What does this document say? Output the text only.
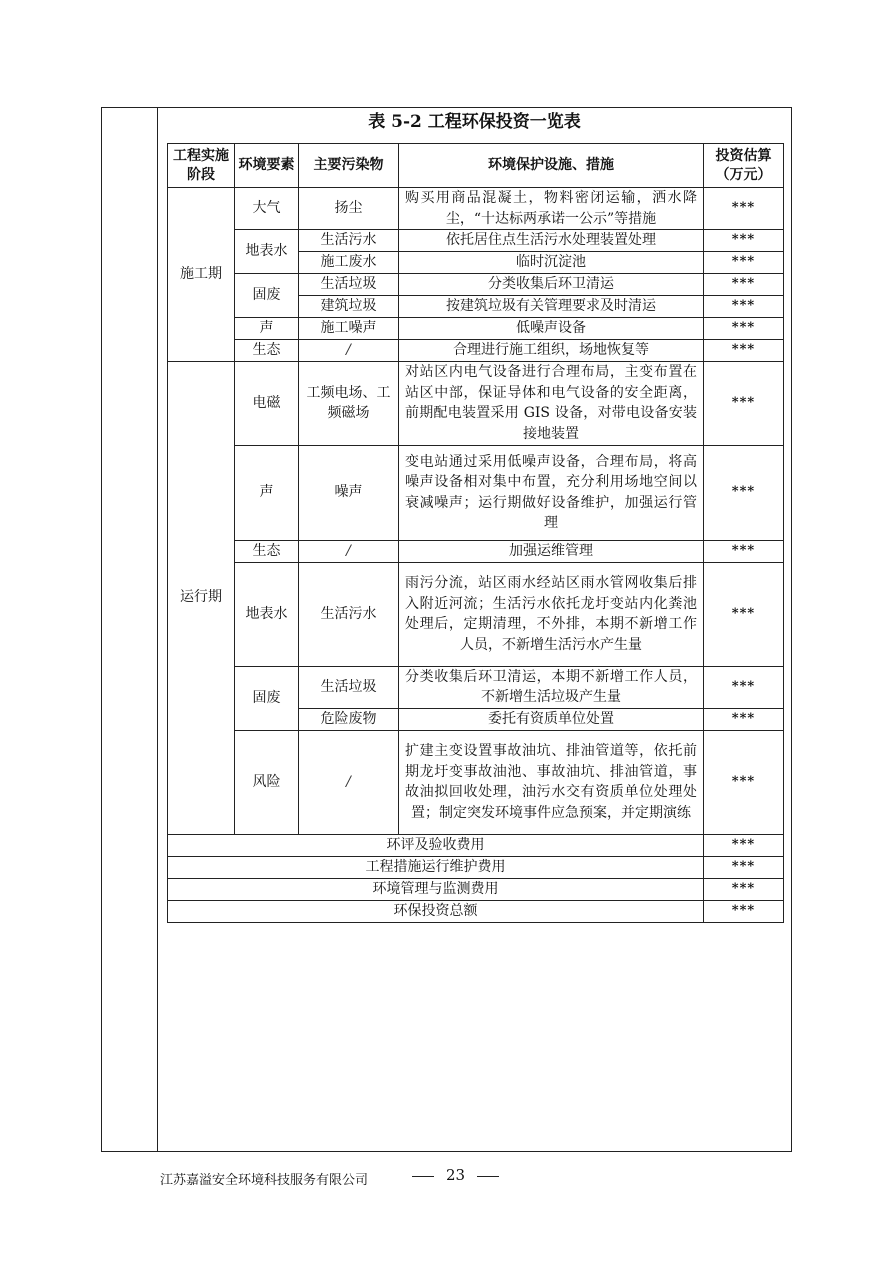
表 5-2 工程环保投资一览表
工程实施阶段	环境要素	主要污染物	环境保护设施、措施	投资估算（万元）
施工期	大气	扬尘	购买用商品混凝土，物料密闭运输，洒水降尘，“十达标两承诺一公示”等措施	***
	地表水	生活污水	依托居住点生活污水处理装置处理	***
		施工废水	临时沉淀池	***
	固废	生活垃圾	分类收集后环卫清运	***
		建筑垃圾	按建筑垃圾有关管理要求及时清运	***
	声	施工噪声	低噪声设备	***
	生态	/	合理进行施工组织，场地恢复等	***
运行期	电磁	工频电场、工频磁场	对站区内电气设备进行合理布局，主变布置在站区中部，保证导体和电气设备的安全距离，前期配电装置采用 GIS 设备，对带电设备安装接地装置	***
	声	噪声	变电站通过采用低噪声设备，合理布局，将高噪声设备相对集中布置，充分利用场地空间以衰减噪声；运行期做好设备维护，加强运行管理	***
	生态	/	加强运维管理	***
	地表水	生活污水	雨污分流，站区雨水经站区雨水管网收集后排入附近河流；生活污水依托龙圩变站内化粪池处理后，定期清理，不外排，本期不新增工作人员，不新增生活污水产生量	***
	固废	生活垃圾	分类收集后环卫清运，本期不新增工作人员，不新增生活垃圾产生量	***
		危险废物	委托有资质单位处置	***
	风险	/	扩建主变设置事故油坑、排油管道等，依托前期龙圩变事故油池、事故油坑、排油管道，事故油拟回收处理，油污水交有资质单位处理处置；制定突发环境事件应急预案，并定期演练	***
环评及验收费用				***
工程措施运行维护费用				***
环境管理与监测费用				***
环保投资总额				***
江苏嘉溢安全环境科技服务有限公司	23
